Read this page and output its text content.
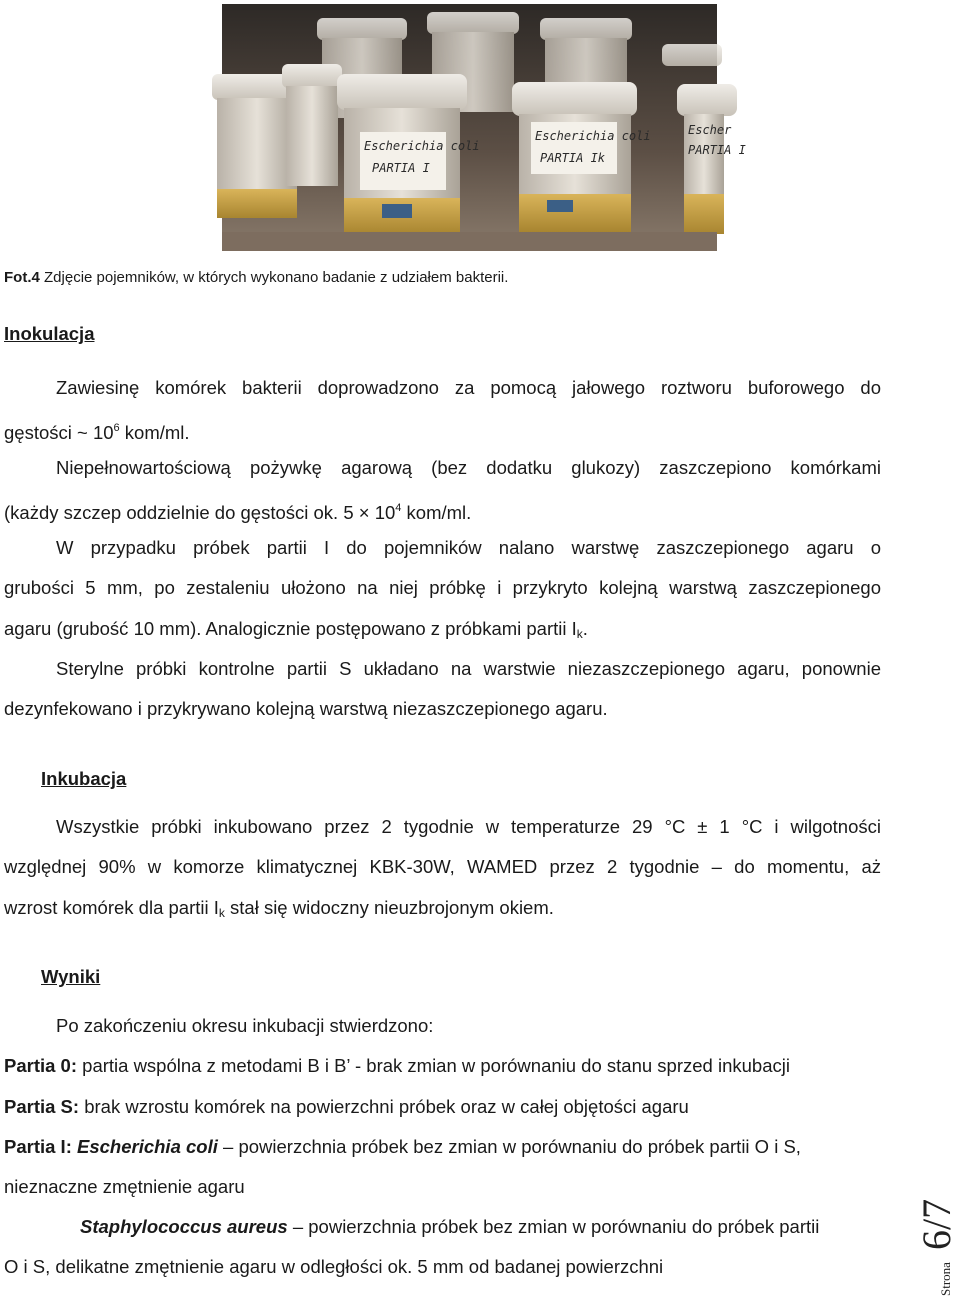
Escherichia coli
PARTIA I
Escherichia coli
PARTIA Ik
Escher
PARTIA I
Fot.4 Zdjęcie pojemników, w których wykonano badanie z udziałem bakterii.
Inokulacja
Zawiesinę komórek bakterii doprowadzono za pomocą jałowego roztworu buforowego do
gęstości ~ $10^6$ kom/ml.
Niepełnowartościową pożywkę agarową (bez dodatku glukozy) zaszczepiono komórkami
(każdy szczep oddzielnie do gęstości ok. $5 \times 10^4$ kom/ml.
W przypadku próbek partii I do pojemników nalano warstwę zaszczepionego agaru o
grubości 5 mm, po zestaleniu ułożono na niej próbkę i przykryto kolejną warstwą zaszczepionego
agaru (grubość 10 mm). Analogicznie postępowano z próbkami partii $I_k$.
Sterylne próbki kontrolne partii S układano na warstwie niezaszczepionego agaru, ponownie
dezynfekowano i przykrywano kolejną warstwą niezaszczepionego agaru.
Inkubacja
Wszystkie próbki inkubowano przez 2 tygodnie w temperaturze 29 °C ± 1 °C i wilgotności
względnej 90% w komorze klimatycznej KBK-30W, WAMED przez 2 tygodnie – do momentu, aż
wzrost komórek dla partii $I_k$ stał się widoczny nieuzbrojonym okiem.
Wyniki
Po zakończeniu okresu inkubacji stwierdzono:
Partia 0: partia wspólna z metodami B i B’ - brak zmian w porównaniu do stanu sprzed inkubacji
Partia S: brak wzrostu komórek na powierzchni próbek oraz w całej objętości agaru
Partia I: Escherichia coli – powierzchnia próbek bez zmian w porównaniu do próbek partii O i S,
nieznaczne zmętnienie agaru
Staphylococcus aureus – powierzchnia próbek bez zmian w porównaniu do próbek partii
O i S, delikatne zmętnienie agaru w odległości ok. 5 mm od badanej powierzchni	Strona
6/7
